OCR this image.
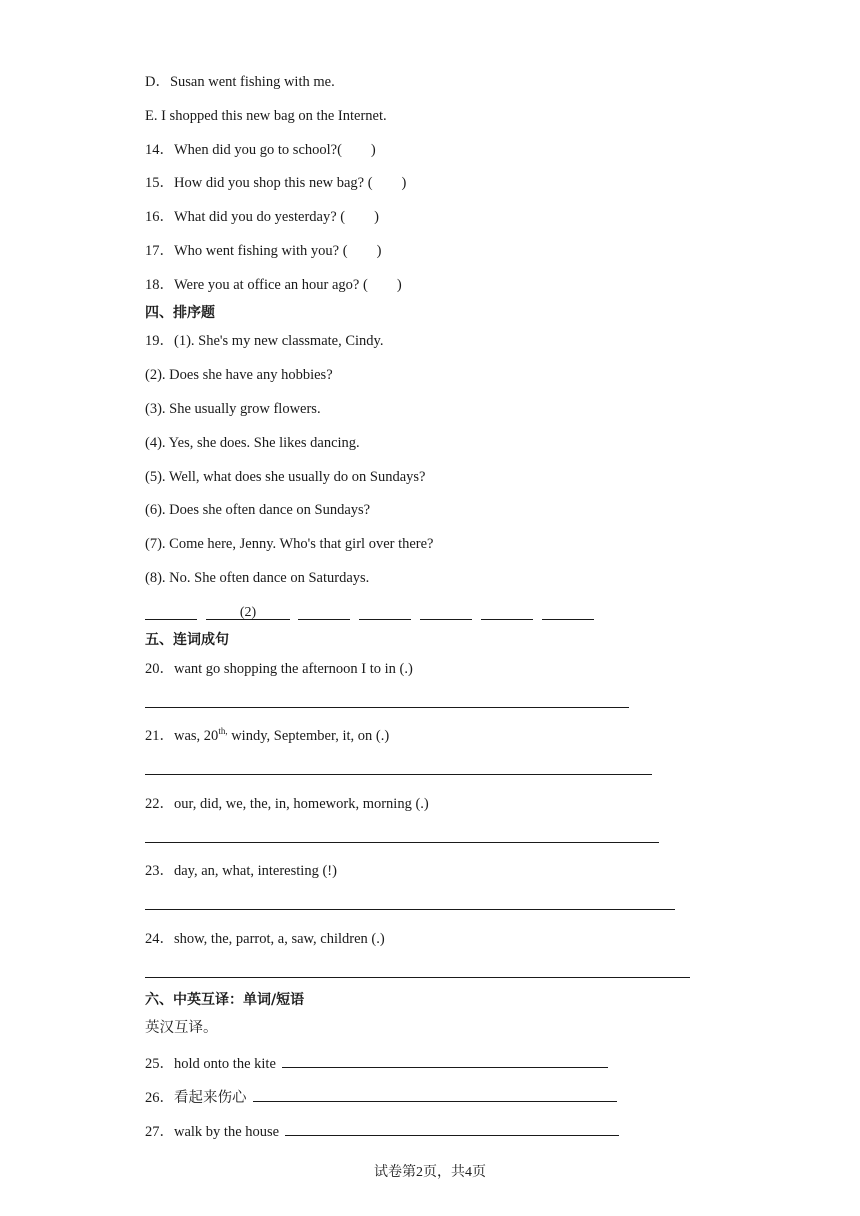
D．Susan went fishing with me.
E. I shopped this new bag on the Internet.
14．When did you go to school?(　　)
15．How did you shop this new bag? (　　)
16．What did you do yesterday? (　　)
17．Who went fishing with you? (　　)
18．Were you at office an hour ago? (　　)
四、排序题
19．(1). She's my new classmate, Cindy.
(2). Does she have any hobbies?
(3). She usually grow flowers.
(4). Yes, she does. She likes dancing.
(5). Well, what does she usually do on Sundays?
(6). Does she often dance on Sundays?
(7). Come here, Jenny. Who's that girl over there?
(8). No. She often dance on Saturdays.
(2)
五、连词成句
20．want go shopping the afternoon I to in (.)
21．was, $20^{th,}$ windy, September, it, on (.)
22．our, did, we, the, in, homework, morning (.)
23．day, an, what, interesting (!)
24．show, the, parrot, a, saw, children (.)
六、中英互译：单词/短语
英汉互译。
25．hold onto the kite
26．看起来伤心
27．walk by the house
试卷第2页，共4页
